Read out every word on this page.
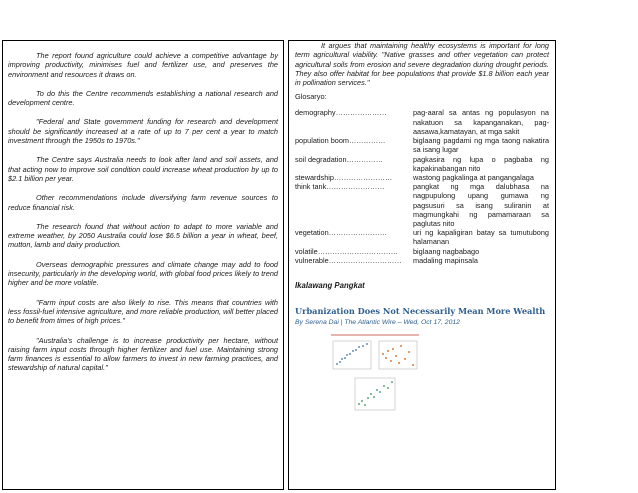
The report found agriculture could achieve a competitive advantage by improving productivity, minimises fuel and fertilizer use, and preserves the environment and resources it draws on.

To do this the Centre recommends establishing a national research and development centre.

"Federal and State government funding for research and development should be significantly increased at a rate of up to 7 per cent a year to match investment through the 1950s to 1970s."

The Centre says Australia needs to look after land and soil assets, and that acting now to improve soil condition could increase wheat production by up to $2.1 billion per year.

Other recommendations include diversifying farm revenue sources to reduce financial risk.

The research found that without action to adapt to more variable and extreme weather, by 2050 Australia could lose $6.5 billion a year in wheat, beef, mutton, lamb and dairy production.

Overseas demographic pressures and climate change may add to food insecurity, particularly in the developing world, with global food prices likely to trend higher and be more volatile.

"Farm input costs are also likely to rise. This means that countries with less fossil-fuel intensive agriculture, and more reliable production, will better placed to benefit from times of high prices."

"Australia's challenge is to increase productivity per hectare, without raising farm input costs through higher fertilizer and fuel use. Maintaining strong farm finances is essential to allow farmers to invest in new farming practices, and stewardship of natural capital."

It argues that maintaining healthy ecosystems is important for long term agricultural viability. "Native grasses and other vegetation can protect agricultural soils from erosion and severe degradation during drought periods. They also offer habitat for bee populations that provide $1.8 billion each year in pollination services."

Glosaryo:
demography…………………	pag-aaral sa antas ng populasyon na nakatuon sa kapanganakan, pag-aasawa,kamatayan, at mga sakit
population boom……………	biglaang pagdami ng mga taong nakatira sa isang lugar
soil degradation……………	pagkasira ng lupa o pagbaba ng kapakinabangan nito
stewardship……………………	wastong pagkalinga at pangangalaga
think tank……………………	pangkat ng mga dalubhasa na nagpupulong upang gumawa ng pagsusuri sa isang suliranin at magmungkahi ng pamamaraan sa paglutas nito
vegetation……………………	uri ng kapaligiran batay sa tumutubong halamanan
volatile……………………………	biglaang nagbabago
vulnerable…………………………	madaling mapinsala
Ikalawang Pangkat
Urbanization Does Not Necessarily Mean More Wealth
By Serena Dai | The Atlantic Wire – Wed, Oct 17, 2012
